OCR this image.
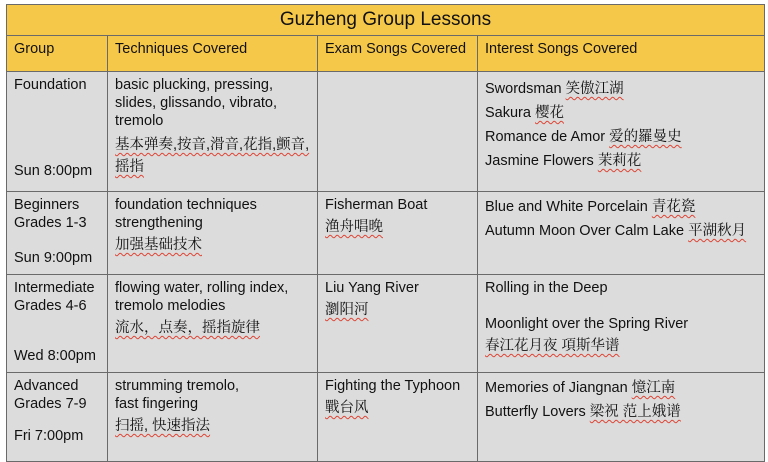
Guzheng Group Lessons			
Group	Techniques Covered	Exam Songs Covered	Interest Songs Covered

Foundation
Sun 8:00pm	basic plucking, pressing,
slides, glissando, vibrato,
tremolo
基本弹奏,按音,滑音,花指,颤音,
摇指		Swordsman 笑傲江湖
Sakura 樱花
Romance de Amor 爱的羅曼史
Jasmine Flowers 茉莉花

Beginners
Grades 1-3
Sun 9:00pm	foundation techniques
strengthening
加强基础技术	Fisherman Boat
渔舟唱晚	Blue and White Porcelain 青花瓷
Autumn Moon Over Calm Lake 平湖秋月

Intermediate
Grades 4-6
Wed 8:00pm	flowing water, rolling index,
tremolo melodies
流水，点奏，摇指旋律	Liu Yang River
瀏阳河	Rolling in the Deep
Moonlight over the Spring River
春江花月夜 項斯华谱

Advanced
Grades 7-9
Fri 7:00pm	strumming tremolo,
fast fingering
扫摇, 快速指法	Fighting the Typhoon
戰台风	Memories of Jiangnan 憶江南
Butterfly Lovers 梁祝 范上娥谱
